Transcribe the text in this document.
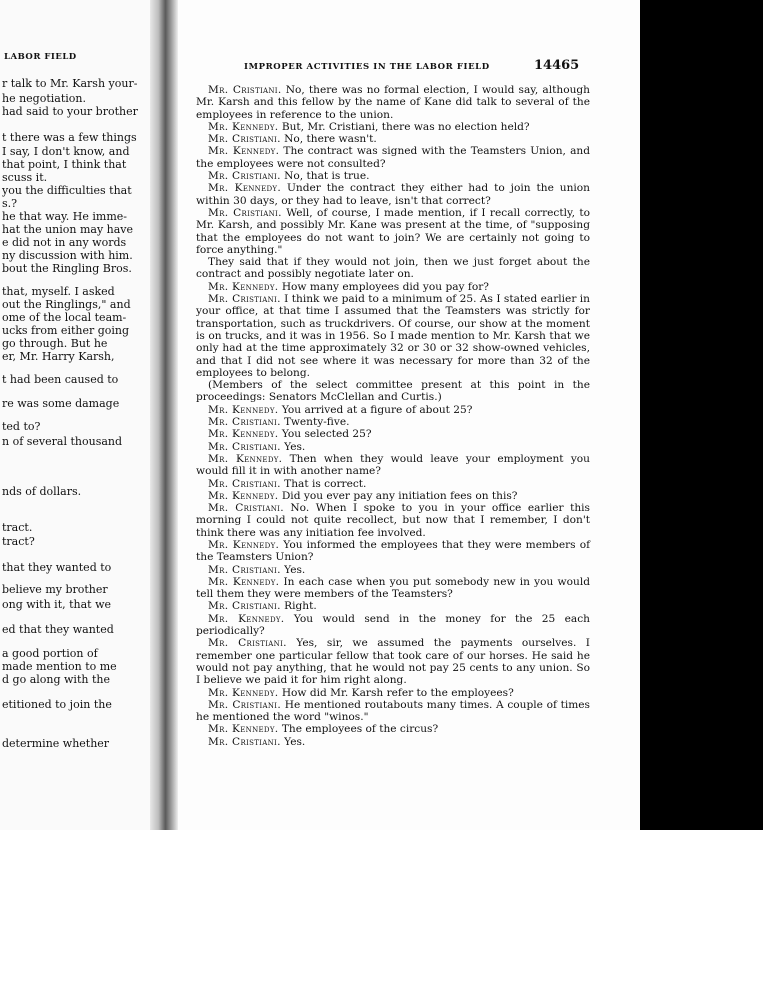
LABOR FIELD
r talk to Mr. Karsh your-
he negotiation.
had said to your brother
t there was a few things
I say, I don't know, and
that point, I think that
scuss it.
you the difficulties that
s.?
he that way. He imme-
hat the union may have
e did not in any words
ny discussion with him.
bout the Ringling Bros.
that, myself. I asked
out the Ringlings," and
ome of the local team-
ucks from either going
go through. But he
er, Mr. Harry Karsh,
t had been caused to
re was some damage
ted to?
n of several thousand
nds of dollars.
tract.
tract?
that they wanted to
believe my brother
ong with it, that we
ed that they wanted
a good portion of
made mention to me
d go along with the
etitioned to join the
determine whether
IMPROPER ACTIVITIES IN THE LABOR FIELD	14465

Mr. Cristiani. No, there was no formal election, I would say, although Mr. Karsh and this fellow by the name of Kane did talk to several of the employees in reference to the union.

Mr. Kennedy. But, Mr. Cristiani, there was no election held?

Mr. Cristiani. No, there wasn't.

Mr. Kennedy. The contract was signed with the Teamsters Union, and the employees were not consulted?

Mr. Cristiani. No, that is true.

Mr. Kennedy. Under the contract they either had to join the union within 30 days, or they had to leave, isn't that correct?

Mr. Cristiani. Well, of course, I made mention, if I recall correctly, to Mr. Karsh, and possibly Mr. Kane was present at the time, of "supposing that the employees do not want to join? We are certainly not going to force anything."

They said that if they would not join, then we just forget about the contract and possibly negotiate later on.

Mr. Kennedy. How many employees did you pay for?

Mr. Cristiani. I think we paid to a minimum of 25. As I stated earlier in your office, at that time I assumed that the Teamsters was strictly for transportation, such as truckdrivers. Of course, our show at the moment is on trucks, and it was in 1956. So I made mention to Mr. Karsh that we only had at the time approximately 32 or 30 or 32 show-owned vehicles, and that I did not see where it was necessary for more than 32 of the employees to belong.

(Members of the select committee present at this point in the proceedings: Senators McClellan and Curtis.)

Mr. Kennedy. You arrived at a figure of about 25?

Mr. Cristiani. Twenty-five.

Mr. Kennedy. You selected 25?

Mr. Cristiani. Yes.

Mr. Kennedy. Then when they would leave your employment you would fill it in with another name?

Mr. Cristiani. That is correct.

Mr. Kennedy. Did you ever pay any initiation fees on this?

Mr. Cristiani. No. When I spoke to you in your office earlier this morning I could not quite recollect, but now that I remember, I don't think there was any initiation fee involved.

Mr. Kennedy. You informed the employees that they were members of the Teamsters Union?

Mr. Cristiani. Yes.

Mr. Kennedy. In each case when you put somebody new in you would tell them they were members of the Teamsters?

Mr. Cristiani. Right.

Mr. Kennedy. You would send in the money for the 25 each periodically?

Mr. Cristiani. Yes, sir, we assumed the payments ourselves. I remember one particular fellow that took care of our horses. He said he would not pay anything, that he would not pay 25 cents to any union. So I believe we paid it for him right along.

Mr. Kennedy. How did Mr. Karsh refer to the employees?

Mr. Cristiani. He mentioned routabouts many times. A couple of times he mentioned the word "winos."

Mr. Kennedy. The employees of the circus?

Mr. Cristiani. Yes.
